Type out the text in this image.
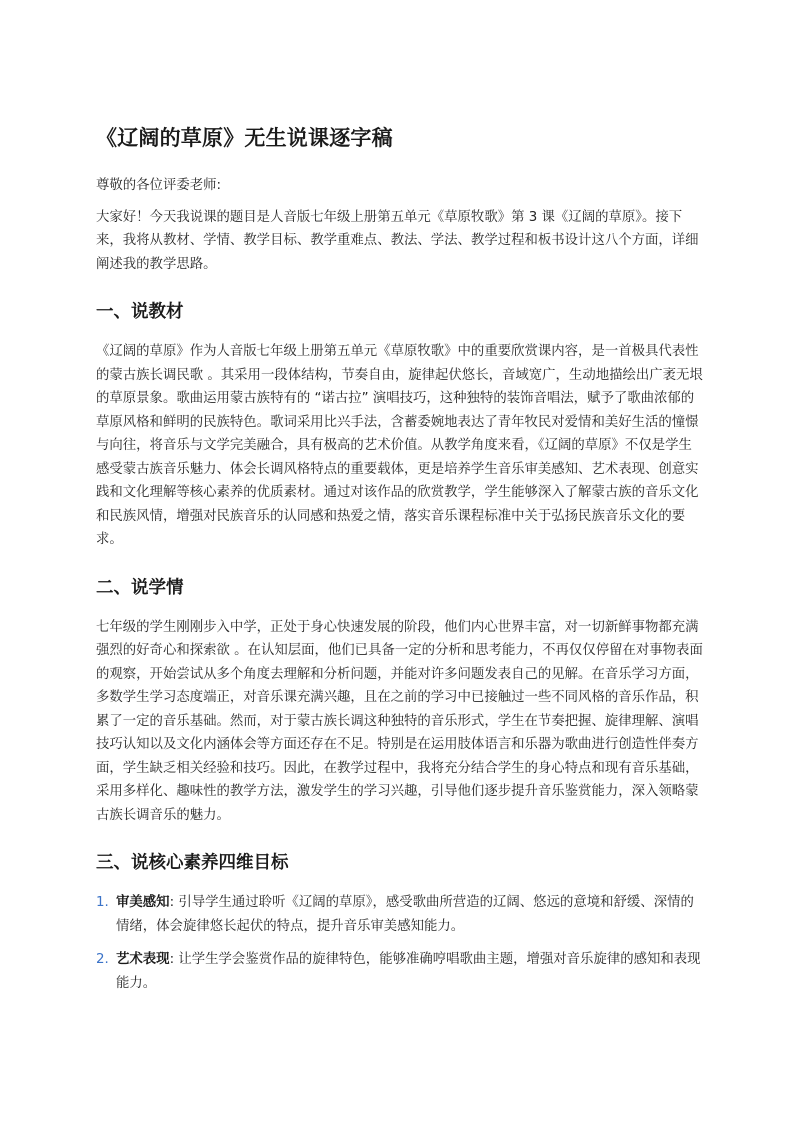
《辽阔的草原》无生说课逐字稿

尊敬的各位评委老师:

大家好！今天我说课的题目是人音版七年级上册第五单元《草原牧歌》第 3 课《辽阔的草原》。接下来，我将从教材、学情、教学目标、教学重难点、教法、学法、教学过程和板书设计这八个方面，详细阐述我的教学思路。

一、说教材

《辽阔的草原》作为人音版七年级上册第五单元《草原牧歌》中的重要欣赏课内容，是一首极具代表性的蒙古族长调民歌 。其采用一段体结构，节奏自由，旋律起伏悠长，音域宽广，生动地描绘出广袤无垠的草原景象。歌曲运用蒙古族特有的 “诺古拉” 演唱技巧，这种独特的装饰音唱法，赋予了歌曲浓郁的草原风格和鲜明的民族特色。歌词采用比兴手法，含蓄委婉地表达了青年牧民对爱情和美好生活的憧憬与向往，将音乐与文学完美融合，具有极高的艺术价值。从教学角度来看，《辽阔的草原》不仅是学生感受蒙古族音乐魅力、体会长调风格特点的重要载体，更是培养学生音乐审美感知、艺术表现、创意实践和文化理解等核心素养的优质素材。通过对该作品的欣赏教学，学生能够深入了解蒙古族的音乐文化和民族风情，增强对民族音乐的认同感和热爱之情，落实音乐课程标准中关于弘扬民族音乐文化的要求。

二、说学情

七年级的学生刚刚步入中学，正处于身心快速发展的阶段，他们内心世界丰富，对一切新鲜事物都充满强烈的好奇心和探索欲 。在认知层面，他们已具备一定的分析和思考能力，不再仅仅停留在对事物表面的观察，开始尝试从多个角度去理解和分析问题，并能对许多问题发表自己的见解。在音乐学习方面，多数学生学习态度端正，对音乐课充满兴趣，且在之前的学习中已接触过一些不同风格的音乐作品，积累了一定的音乐基础。然而，对于蒙古族长调这种独特的音乐形式，学生在节奏把握、旋律理解、演唱技巧认知以及文化内涵体会等方面还存在不足。特别是在运用肢体语言和乐器为歌曲进行创造性伴奏方面，学生缺乏相关经验和技巧。因此，在教学过程中，我将充分结合学生的身心特点和现有音乐基础，采用多样化、趣味性的教学方法，激发学生的学习兴趣，引导他们逐步提升音乐鉴赏能力，深入领略蒙古族长调音乐的魅力。

三、说核心素养四维目标
1. 审美感知: 引导学生通过聆听《辽阔的草原》，感受歌曲所营造的辽阔、悠远的意境和舒缓、深情的情绪，体会旋律悠长起伏的特点，提升音乐审美感知能力。
2. 艺术表现: 让学生学会鉴赏作品的旋律特色，能够准确哼唱歌曲主题，增强对音乐旋律的感知和表现能力。
